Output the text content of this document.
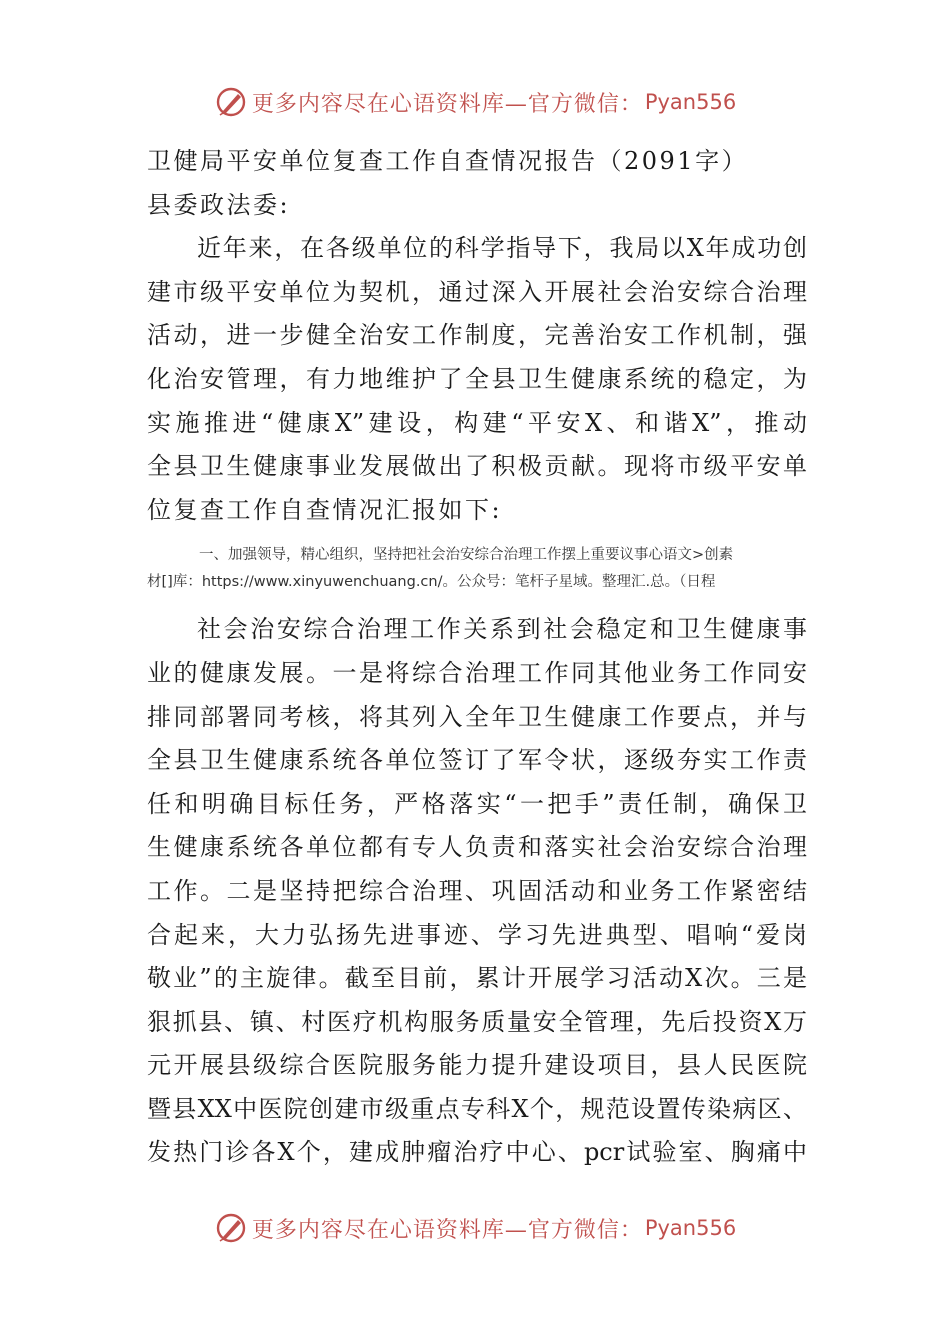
更多内容尽在心语资料库—官方微信： Pyan556
卫健局平安单位复查工作自查情况报告（2091字）
县委政法委:
近年来，在各级单位的科学指导下，我局以X年成功创
建市级平安单位为契机，通过深入开展社会治安综合治理
活动，进一步健全治安工作制度，完善治安工作机制，强
化治安管理，有力地维护了全县卫生健康系统的稳定，为
实施推进“健康X”建设，构建“平安X、和谐X”，推动
全县卫生健康事业发展做出了积极贡献。现将市级平安单
位复查工作自查情况汇报如下:
一、加强领导，精心组织，坚持把社会治安综合治理工作摆上重要议事心语文>创素
材[]库：https://www.xinyuwenchuang.cn/。公众号：笔杆子星域。整理汇.总。（日程
社会治安综合治理工作关系到社会稳定和卫生健康事
业的健康发展。一是将综合治理工作同其他业务工作同安
排同部署同考核，将其列入全年卫生健康工作要点，并与
全县卫生健康系统各单位签订了军令状，逐级夯实工作责
任和明确目标任务，严格落实“一把手”责任制，确保卫
生健康系统各单位都有专人负责和落实社会治安综合治理
工作。二是坚持把综合治理、巩固活动和业务工作紧密结
合起来，大力弘扬先进事迹、学习先进典型、唱响“爱岗
敬业”的主旋律。截至目前，累计开展学习活动X次。三是
狠抓县、镇、村医疗机构服务质量安全管理，先后投资X万
元开展县级综合医院服务能力提升建设项目，县人民医院
暨县XX中医院创建市级重点专科X个，规范设置传染病区、
发热门诊各X个，建成肿瘤治疗中心、pcr试验室、胸痛中
更多内容尽在心语资料库—官方微信： Pyan556
